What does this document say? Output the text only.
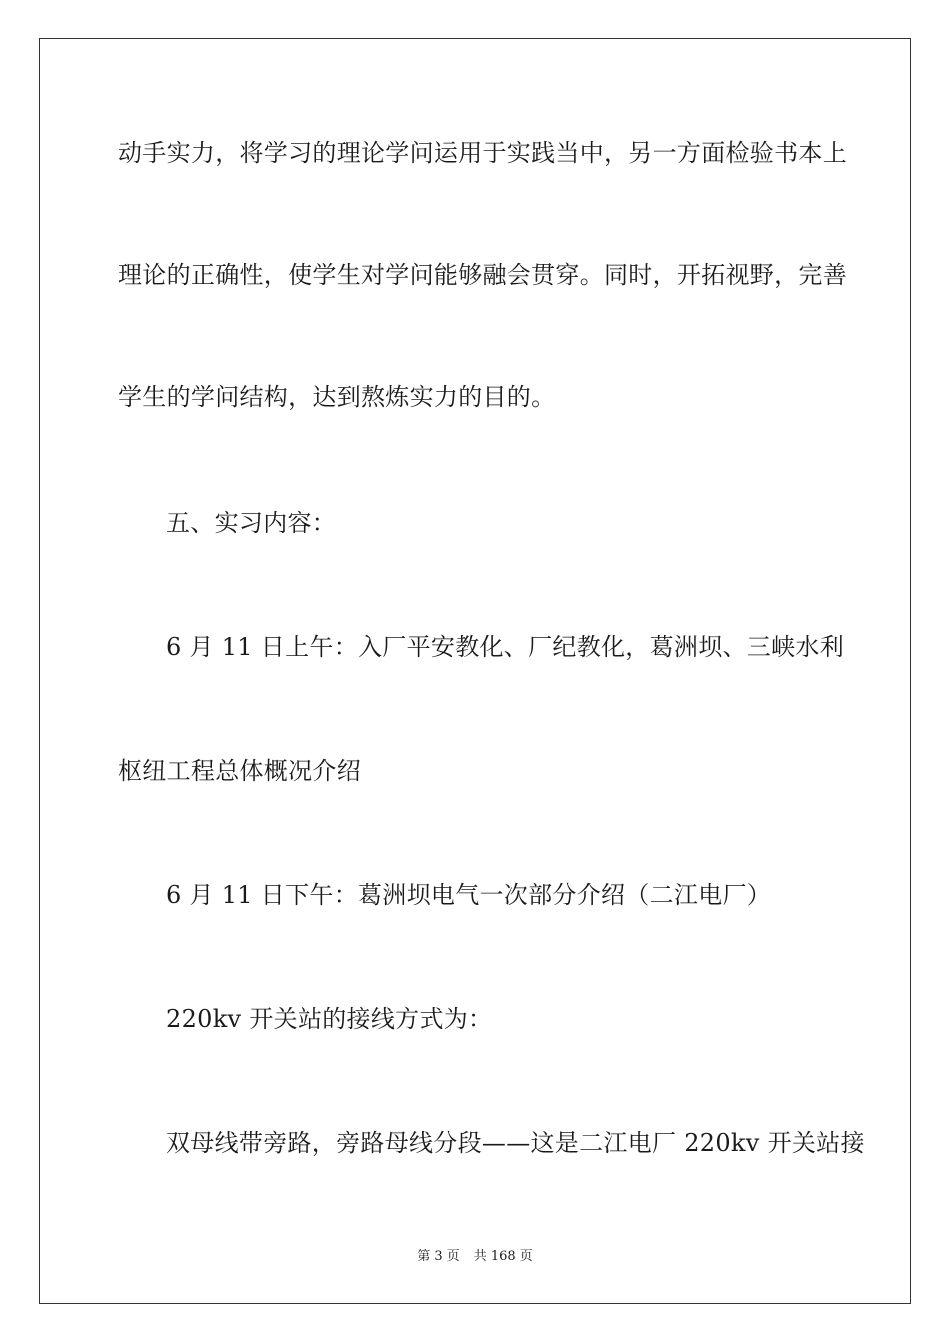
动手实力，将学习的理论学问运用于实践当中，另一方面检验书本上
理论的正确性，使学生对学问能够融会贯穿。同时，开拓视野，完善
学生的学问结构，达到熬炼实力的目的。
五、实习内容：
6 月 11 日上午：入厂平安教化、厂纪教化，葛洲坝、三峡水利
枢纽工程总体概况介绍
6 月 11 日下午：葛洲坝电气一次部分介绍（二江电厂）
220kv 开关站的接线方式为：
双母线带旁路，旁路母线分段——这是二江电厂 220kv 开关站接
第 3 页 共 168 页
